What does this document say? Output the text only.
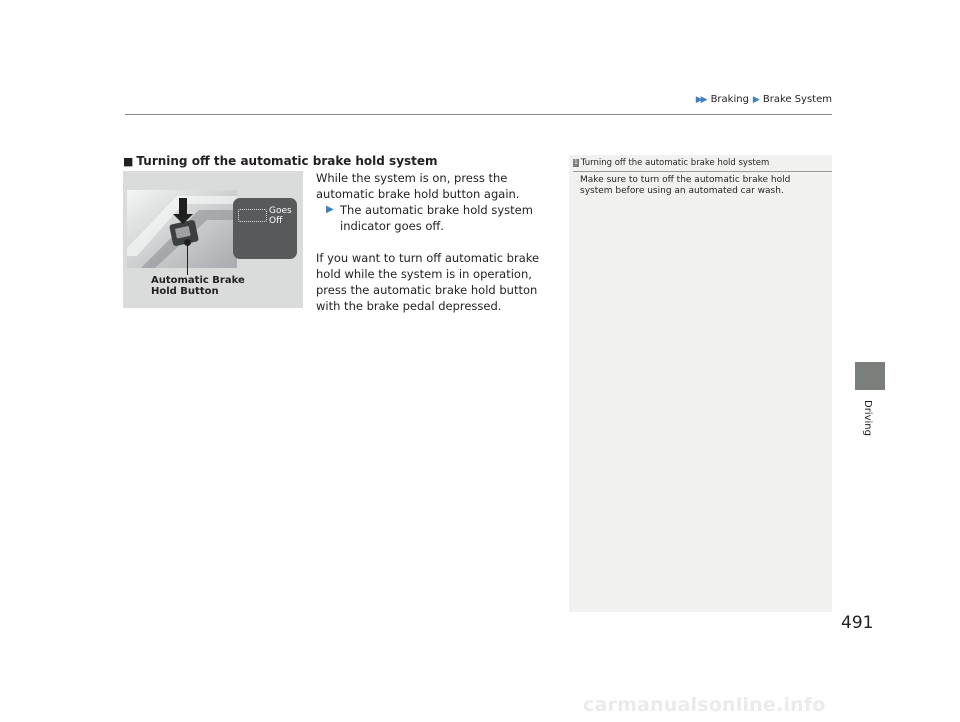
▶▶ Braking ▶ Brake System
■ Turning off the automatic brake hold system

While the system is on, press the automatic brake hold button again.

▶ The automatic brake hold system indicator goes off.

If you want to turn off automatic brake hold while the system is in operation, press the automatic brake hold button with the brake pedal depressed.

Goes
Off
Automatic Brake
Hold Button
1 Turning off the automatic brake hold system
Make sure to turn off the automatic brake hold system before using an automated car wash.
Driving
491
carmanualsonline.info
